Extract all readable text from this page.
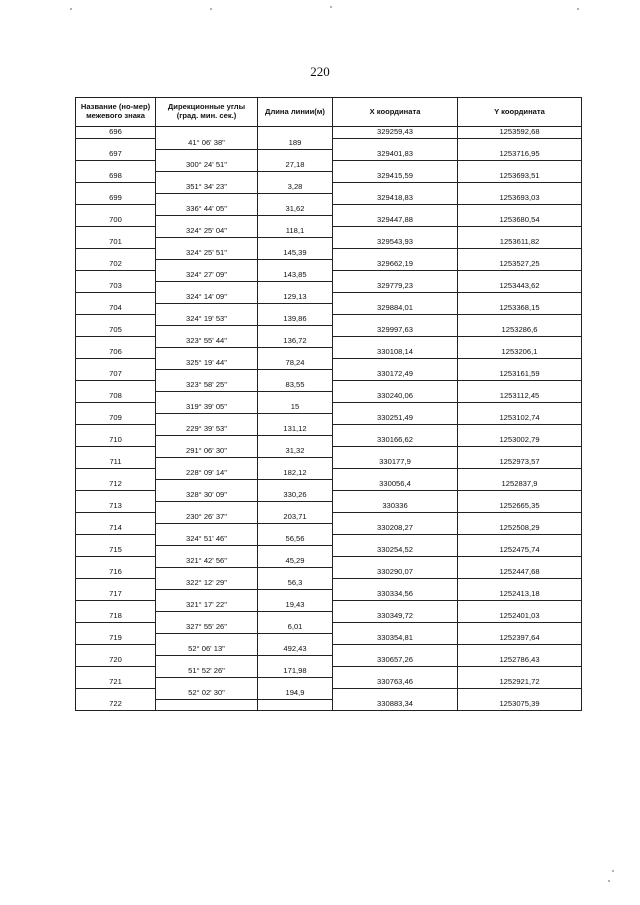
220
Название (но-мер) межевого знака	Дирекционные углы (град. мин. сек.)	Длина линии(м)	X координата	Y координата
696			329259,43	1253592,68
	41° 06' 38"	189		
697			329401,83	1253716,95
	300° 24' 51"	27,18		
698			329415,59	1253693,51
	351° 34' 23"	3,28		
699			329418,83	1253693,03
	336° 44' 05"	31,62		
700			329447,88	1253680,54
	324° 25' 04"	118,1		
701			329543,93	1253611,82
	324° 25' 51"	145,39		
702			329662,19	1253527,25
	324° 27' 09"	143,85		
703			329779,23	1253443,62
	324° 14' 09"	129,13		
704			329884,01	1253368,15
	324° 19' 53"	139,86		
705			329997,63	1253286,6
	323° 55' 44"	136,72		
706			330108,14	1253206,1
	325° 19' 44"	78,24		
707			330172,49	1253161,59
	323° 58' 25"	83,55		
708			330240,06	1253112,45
	319° 39' 05"	15		
709			330251,49	1253102,74
	229° 39' 53"	131,12		
710			330166,62	1253002,79
	291° 06' 30"	31,32		
711			330177,9	1252973,57
	228° 09' 14"	182,12		
712			330056,4	1252837,9
	328° 30' 09"	330,26		
713			330336	1252665,35
	230° 26' 37"	203,71		
714			330208,27	1252508,29
	324° 51' 46"	56,56		
715			330254,52	1252475,74
	321° 42' 56"	45,29		
716			330290,07	1252447,68
	322° 12' 29"	56,3		
717			330334,56	1252413,18
	321° 17' 22"	19,43		
718			330349,72	1252401,03
	327° 55' 26"	6,01		
719			330354,81	1252397,64
	52° 06' 13"	492,43		
720			330657,26	1252786,43
	51° 52' 26"	171,98		
721			330763,46	1252921,72
	52° 02' 30"	194,9		
722			330883,34	1253075,39
